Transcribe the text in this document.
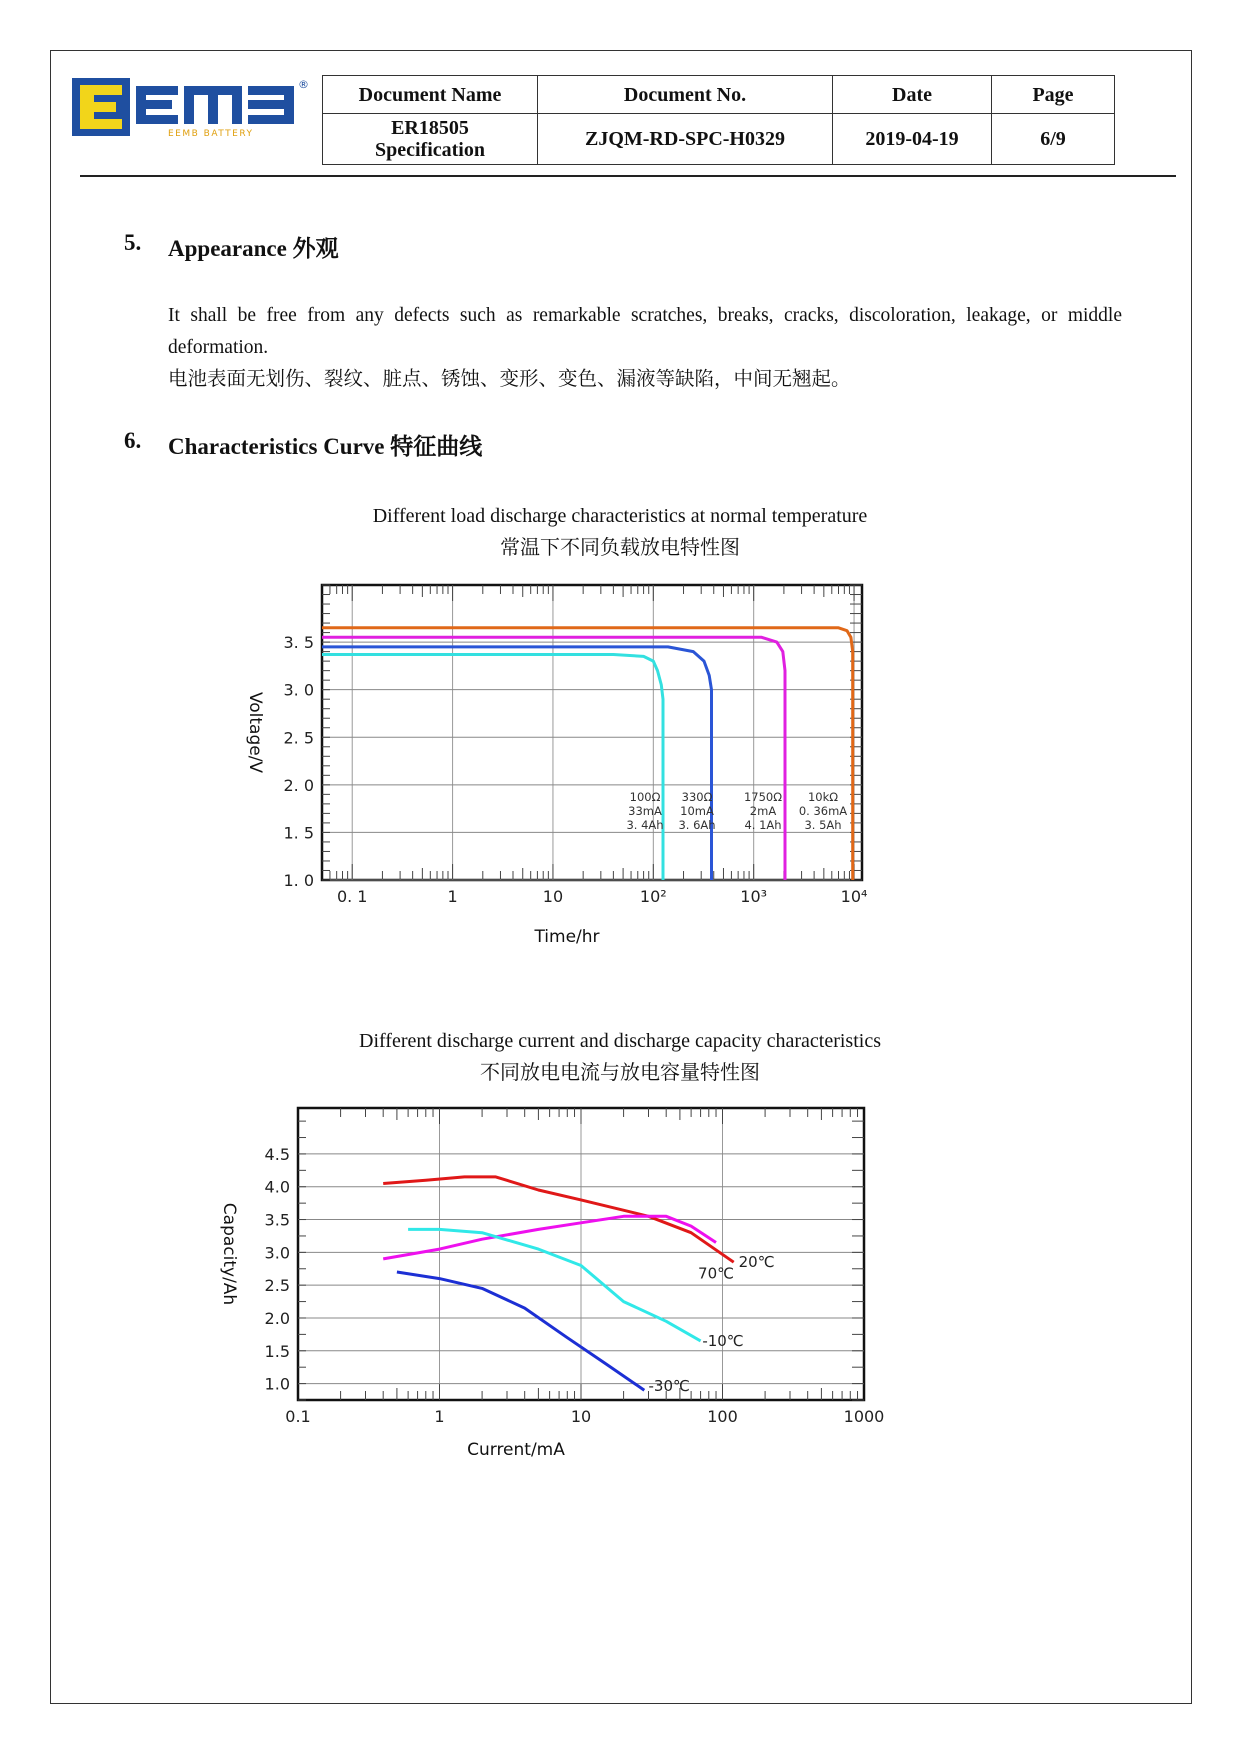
®
EEMB BATTERY
Document Name	Document No.	Date	Page

ER18505
Specification	ZJQM-RD-SPC-H0329	2019-04-19	6/9
5. Appearance 外观
It shall be free from any defects such as remarkable scratches, breaks, cracks, discoloration, leakage, or middle deformation.
电池表面无划伤、裂纹、脏点、锈蚀、变形、变色、漏液等缺陷，中间无翘起。
6. Characteristics Curve 特征曲线
Different load discharge characteristics at normal temperature
常温下不同负载放电特性图
1. 0
1. 5
2. 0
2. 5
3. 0
3. 5
0. 1	1	10	10²	10³	10⁴
Time/hr
Voltage/V
100Ω
33mA
3. 4Ah
330Ω
10mA
3. 6Ah
1750Ω
2mA
4. 1Ah
10kΩ
0. 36mA
3. 5Ah
Different discharge current and discharge capacity characteristics
不同放电电流与放电容量特性图
1.0
1.5
2.0
2.5
3.0
3.5
4.0
4.5
0.1	1	10	100	1000
Current/mA
Capacity/Ah	20℃
70℃
-10℃
-30℃
